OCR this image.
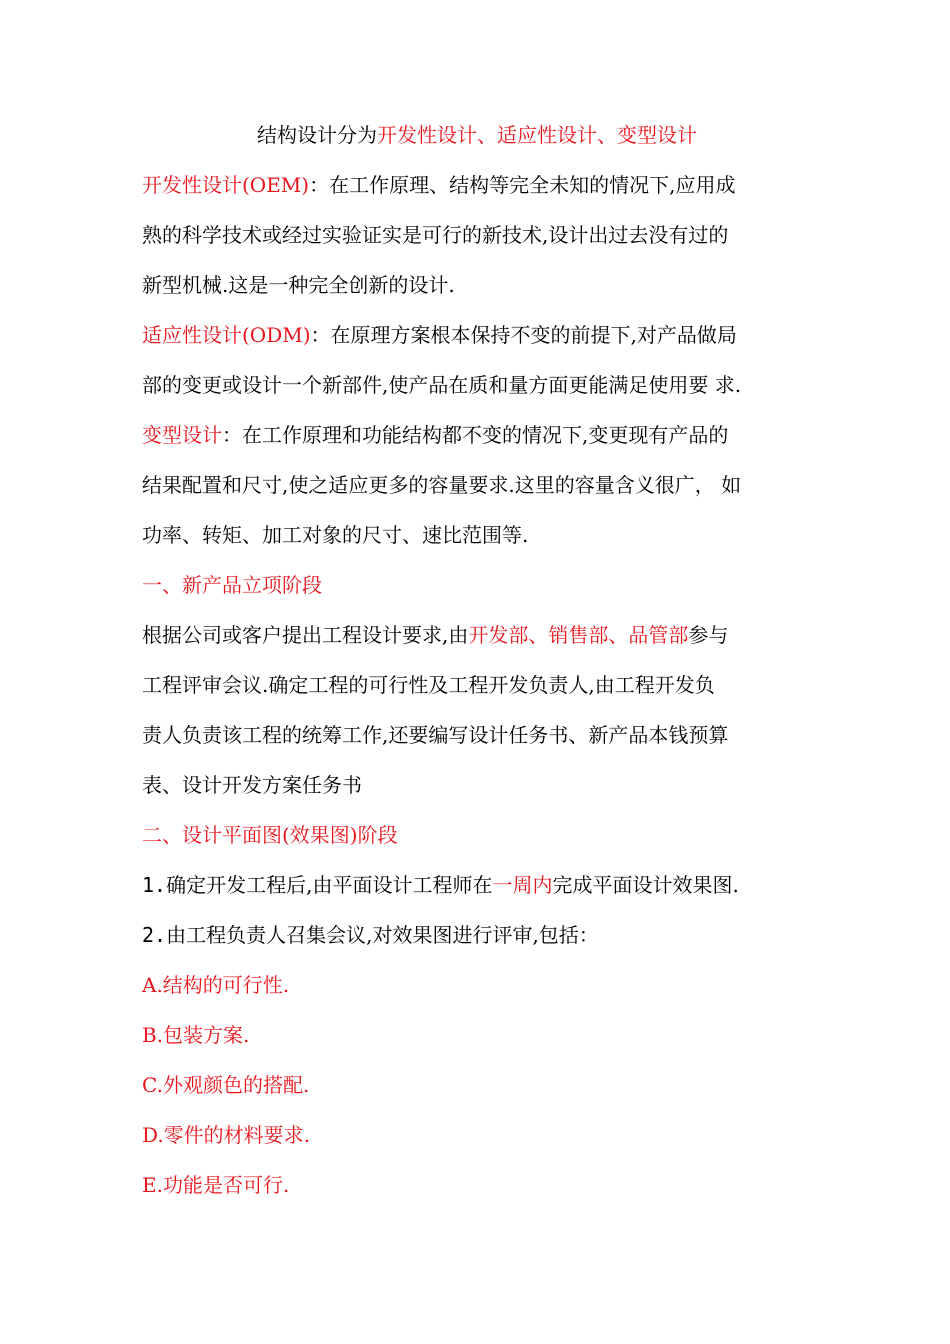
结构设计分为开发性设计、适应性设计、变型设计

开发性设计(OEM)：在工作原理、结构等完全未知的情况下,应用成

熟的科学技术或经过实验证实是可行的新技术,设计出过去没有过的

新型机械.这是一种完全创新的设计.

适应性设计(ODM)：在原理方案根本保持不变的前提下,对产品做局

部的变更或设计一个新部件,使产品在质和量方面更能满足使用要 求.

变型设计：在工作原理和功能结构都不变的情况下,变更现有产品的

结果配置和尺寸,使之适应更多的容量要求.这里的容量含义很广， 如

功率、转矩、加工对象的尺寸、速比范围等.

一、新产品立项阶段

根据公司或客户提出工程设计要求,由开发部、销售部、品管部参与

工程评审会议.确定工程的可行性及工程开发负责人,由工程开发负

责人负责该工程的统筹工作,还要编写设计任务书、新产品本钱预算

表、设计开发方案任务书

二、设计平面图(效果图)阶段

1.确定开发工程后,由平面设计工程师在一周内完成平面设计效果图.

2.由工程负责人召集会议,对效果图进行评审,包括：

A.结构的可行性.

B.包装方案.

C.外观颜色的搭配.

D.零件的材料要求.

E.功能是否可行.
